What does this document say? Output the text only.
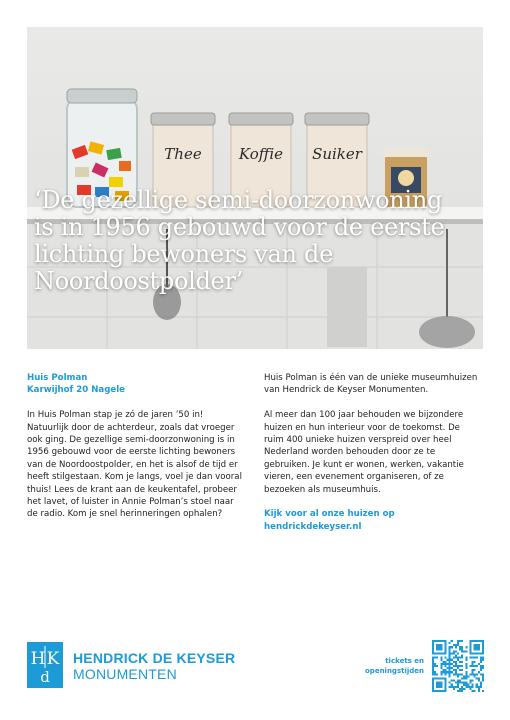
Thee Koffie Suiker

‘De gezellige semi-doorzonwoning is in 1956 gebouwd voor de eerste lichting bewoners van de Noordoostpolder’

Huis Polman

Karwijhof 20 Nagele

In Huis Polman stap je zó de jaren ’50 in! Natuurlijk door de achterdeur, zoals dat vroeger ook ging. De gezellige semi-doorzonwoning is in 1956 gebouwd voor de eerste lichting bewoners van de Noordoostpolder, en het is alsof de tijd er heeft stilgestaan. Kom je langs, voel je dan vooral thuis! Lees de krant aan de keukentafel, probeer het lavet, of luister in Annie Polman’s stoel naar de radio. Kom je snel herinneringen ophalen?

Huis Polman is één van de unieke museumhuizen van Hendrick de Keyser Monumenten.

Al meer dan 100 jaar behouden we bijzondere huizen en hun interieur voor de toekomst. De ruim 400 unieke huizen verspreid over heel Nederland worden behouden door ze te gebruiken. Je kunt er wonen, werken, vakantie vieren, een evenement organiseren, of ze bezoeken als museumhuis.

Kijk voor al onze huizen op
hendrickdekeyser.nl
H K
d
HENDRICK DE KEYSER
MONUMENTEN
tickets en
openingstijden
